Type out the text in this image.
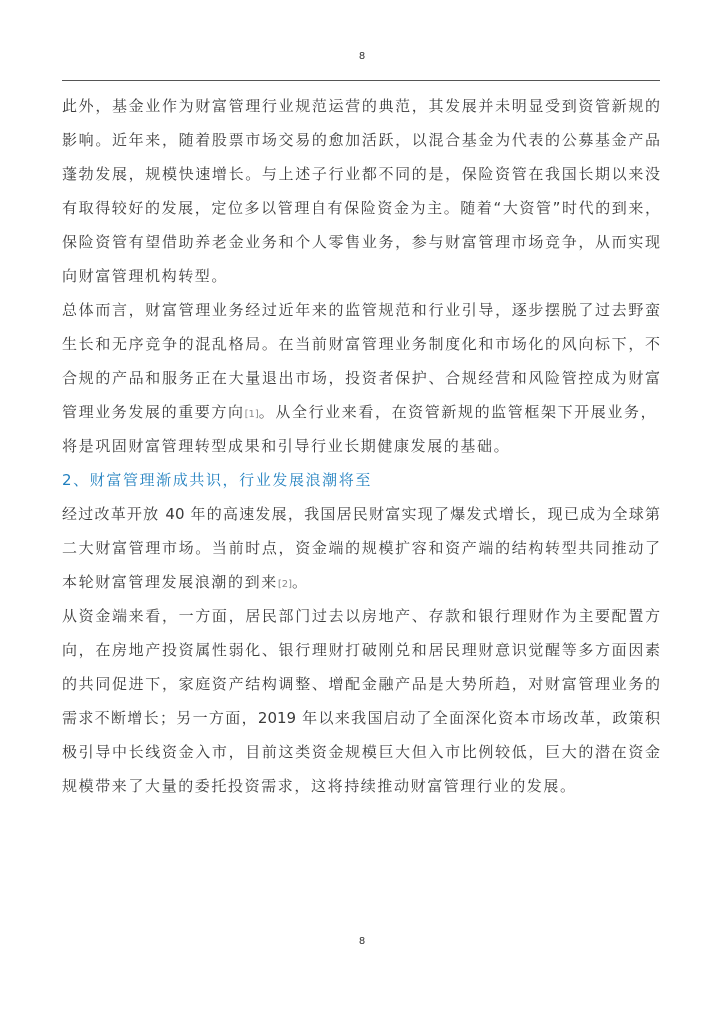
8
此外，基金业作为财富管理行业规范运营的典范，其发展并未明显受到资管新规的
影响。近年来，随着股票市场交易的愈加活跃，以混合基金为代表的公募基金产品
蓬勃发展，规模快速增长。与上述子行业都不同的是，保险资管在我国长期以来没
有取得较好的发展，定位多以管理自有保险资金为主。随着“大资管”时代的到来，
保险资管有望借助养老金业务和个人零售业务，参与财富管理市场竞争，从而实现
向财富管理机构转型。
总体而言，财富管理业务经过近年来的监管规范和行业引导，逐步摆脱了过去野蛮
生长和无序竞争的混乱格局。在当前财富管理业务制度化和市场化的风向标下，不
合规的产品和服务正在大量退出市场，投资者保护、合规经营和风险管控成为财富
管理业务发展的重要方向[1]。从全行业来看，在资管新规的监管框架下开展业务，
将是巩固财富管理转型成果和引导行业长期健康发展的基础。
2、财富管理渐成共识，行业发展浪潮将至
经过改革开放 40 年的高速发展，我国居民财富实现了爆发式增长，现已成为全球第
二大财富管理市场。当前时点，资金端的规模扩容和资产端的结构转型共同推动了
本轮财富管理发展浪潮的到来[2]。
从资金端来看，一方面，居民部门过去以房地产、存款和银行理财作为主要配置方
向，在房地产投资属性弱化、银行理财打破刚兑和居民理财意识觉醒等多方面因素
的共同促进下，家庭资产结构调整、增配金融产品是大势所趋，对财富管理业务的
需求不断增长；另一方面，2019 年以来我国启动了全面深化资本市场改革，政策积
极引导中长线资金入市，目前这类资金规模巨大但入市比例较低，巨大的潜在资金
规模带来了大量的委托投资需求，这将持续推动财富管理行业的发展。
8
